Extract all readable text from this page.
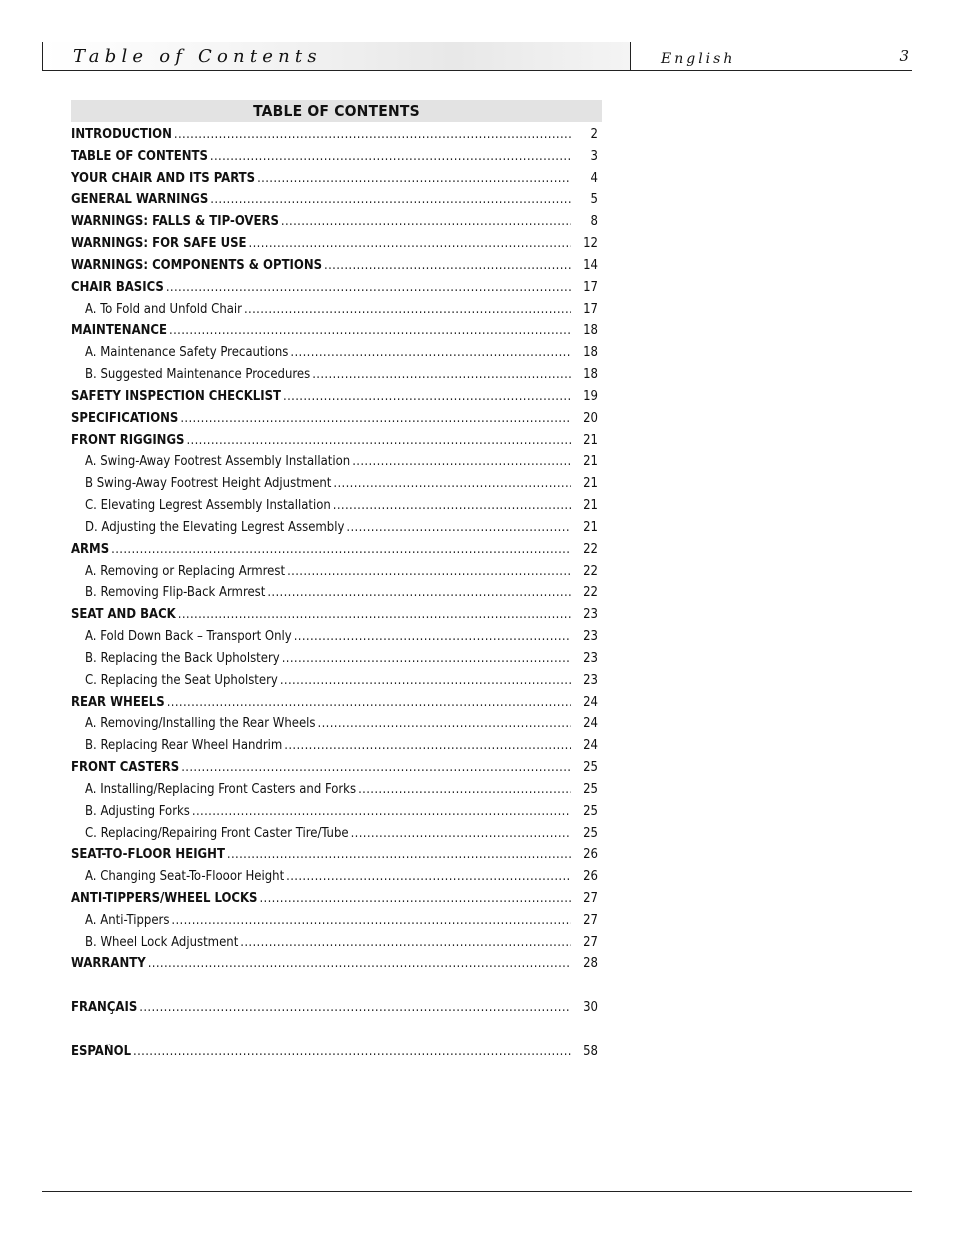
Table of Contents	English	3
TABLE OF CONTENTS
INTRODUCTION .....	2
TABLE OF CONTENTS .....	3
YOUR CHAIR AND ITS PARTS .....	4
GENERAL WARNINGS .....	5
WARNINGS: FALLS & TIP-OVERS .....	8
WARNINGS: FOR SAFE USE .....	12
WARNINGS: COMPONENTS & OPTIONS .....	14
CHAIR BASICS .....	17
A. To Fold and Unfold Chair .....	17
MAINTENANCE .....	18
A. Maintenance Safety Precautions .....	18
B. Suggested Maintenance Procedures .....	18
SAFETY INSPECTION CHECKLIST .....	19
SPECIFICATIONS .....	20
FRONT RIGGINGS .....	21
A. Swing-Away Footrest Assembly Installation .....	21
B Swing-Away Footrest Height Adjustment .....	21
C. Elevating Legrest Assembly Installation .....	21
D. Adjusting the Elevating Legrest Assembly .....	21
ARMS .....	22
A. Removing or Replacing Armrest .....	22
B. Removing Flip-Back Armrest .....	22
SEAT AND BACK .....	23
A. Fold Down Back – Transport Only .....	23
B. Replacing the Back Upholstery .....	23
C. Replacing the Seat Upholstery .....	23
REAR WHEELS .....	24
A. Removing/Installing the Rear Wheels .....	24
B. Replacing Rear Wheel Handrim .....	24
FRONT CASTERS .....	25
A. Installing/Replacing Front Casters and Forks .....	25
B. Adjusting Forks .....	25
C. Replacing/Repairing Front Caster Tire/Tube .....	25
SEAT-TO-FLOOR HEIGHT .....	26
A. Changing Seat-To-Flooor Height .....	26
ANTI-TIPPERS/WHEEL LOCKS .....	27
A. Anti-Tippers .....	27
B. Wheel Lock Adjustment .....	27
WARRANTY .....	28
FRANÇAIS .....	30
ESPAÑOL .....	58
